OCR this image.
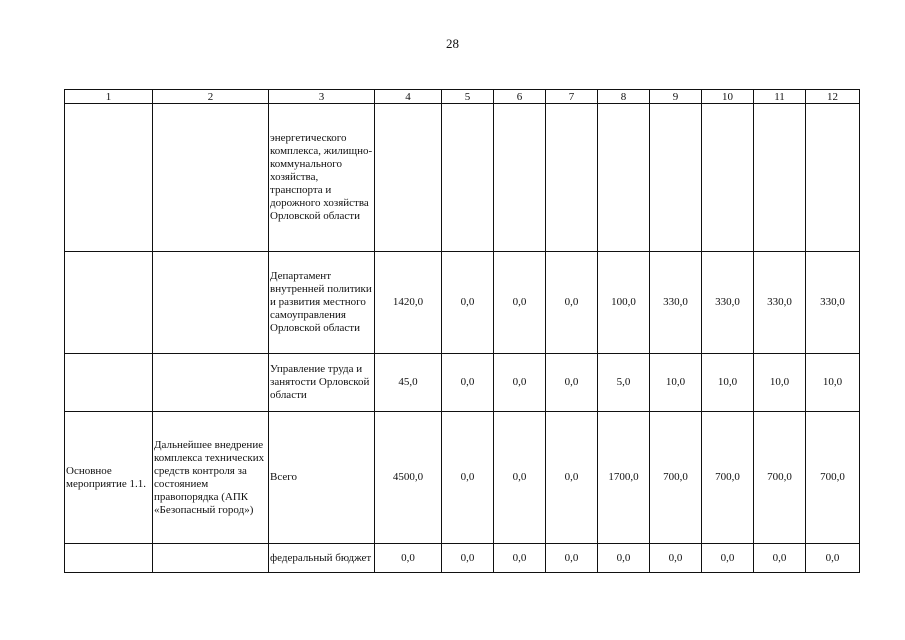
28
1	2	3	4	5	6	7	8	9	10	11	12
		энергетического комплекса, жилищно-коммунального хозяйства, транспорта и дорожного хозяйства Орловской области									
		Департамент внутренней политики и развития местного самоуправления Орловской области	1420,0	0,0	0,0	0,0	100,0	330,0	330,0	330,0	330,0
		Управление труда и занятости Орловской области	45,0	0,0	0,0	0,0	5,0	10,0	10,0	10,0	10,0
Основное мероприятие 1.1.	Дальнейшее внедрение комплекса технических средств контроля за состоянием правопорядка (АПК «Безопасный город»)	Всего	4500,0	0,0	0,0	0,0	1700,0	700,0	700,0	700,0	700,0
		федеральный бюджет	0,0	0,0	0,0	0,0	0,0	0,0	0,0	0,0	0,0
